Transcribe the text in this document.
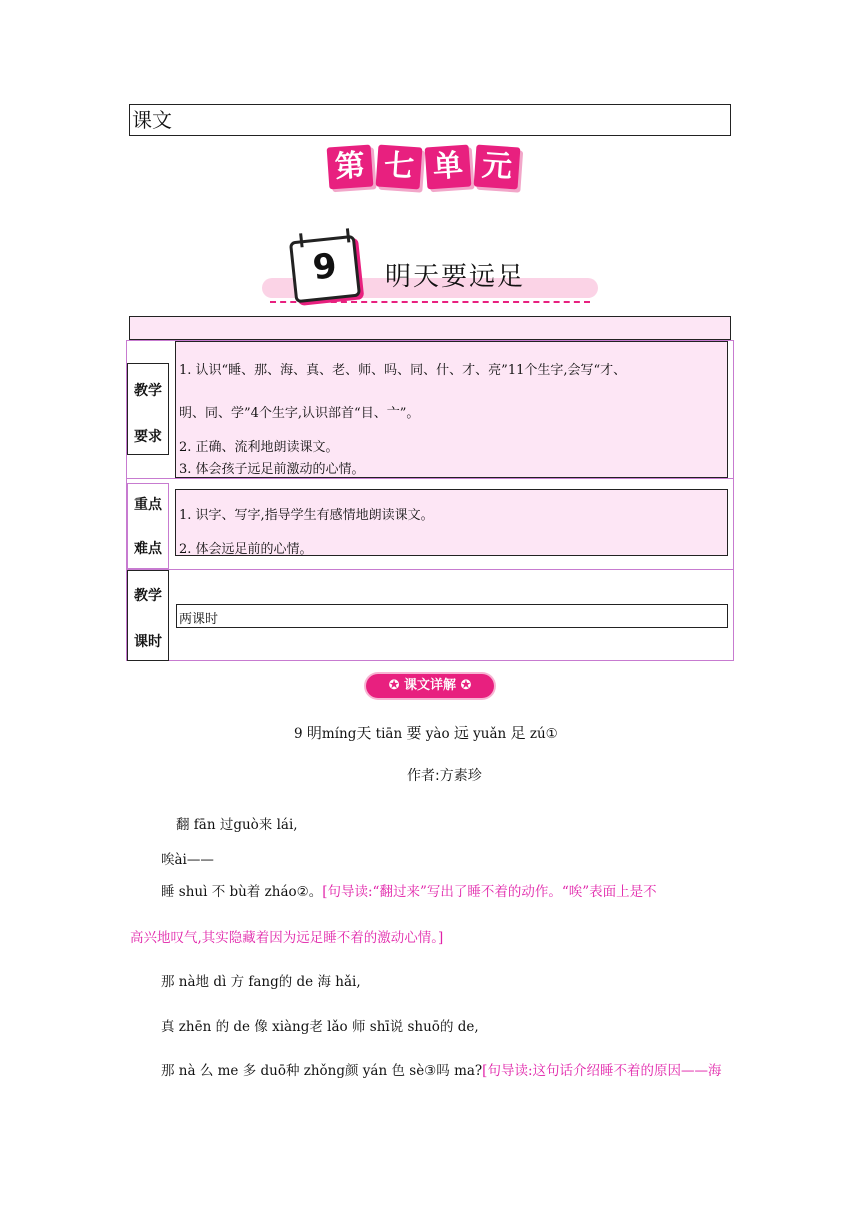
课文
第 七 单 元
9	明天要远足
教学
要求
1. 认识“睡、那、海、真、老、师、吗、同、什、才、亮”11个生字,会写“才、
明、同、学”4个生字,认识部首“目、亠”。
2. 正确、流利地朗读课文。
3. 体会孩子远足前激动的心情。
重点
难点
1. 识字、写字,指导学生有感情地朗读课文。
2. 体会远足前的心情。
教学
课时
两课时
✪ 课文详解 ✪
9 明míng天 tiān 要 yào 远 yuǎn 足 zú①
作者:方素珍
翻 fān 过guò来 lái,
唉ài——
睡 shuì 不 bù着 zháo②。[句导读:“翻过来”写出了睡不着的动作。“唉”表面上是不
高兴地叹气,其实隐藏着因为远足睡不着的激动心情。]
那 nà地 dì 方 fang的 de 海 hǎi,
真 zhēn 的 de 像 xiàng老 lǎo 师 shī说 shuō的 de,
那 nà 么 me 多 duō种 zhǒng颜 yán 色 sè③吗 ma?[句导读:这句话介绍睡不着的原因——海
